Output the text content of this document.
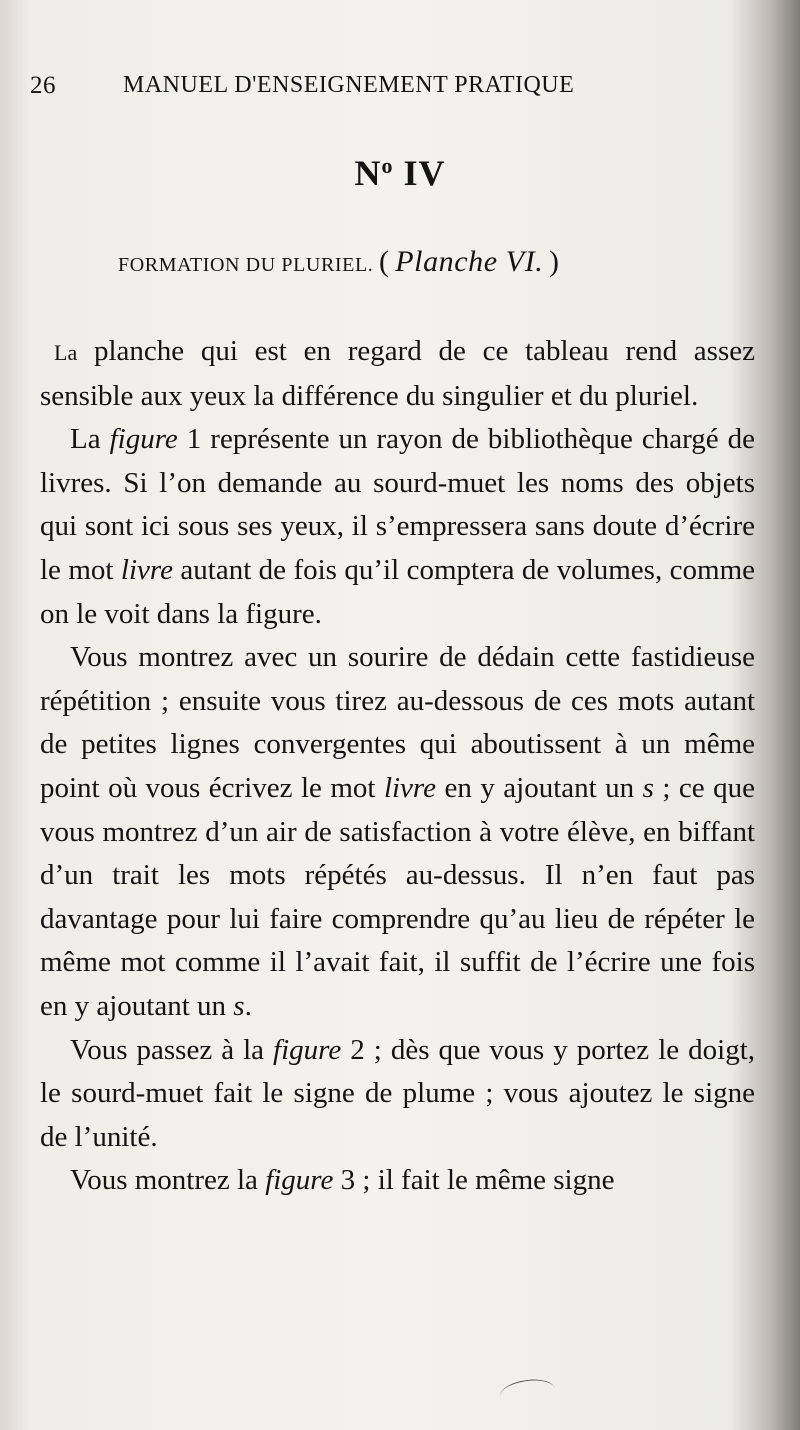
26	MANUEL D'ENSEIGNEMENT PRATIQUE
$N^o$ IV
FORMATION DU PLURIEL. ( Planche VI. )

La planche qui est en regard de ce tableau rend assez sensible aux yeux la différence du singulier et du pluriel.

La figure 1 représente un rayon de bibliothèque chargé de livres. Si l’on demande au sourd-muet les noms des objets qui sont ici sous ses yeux, il s’empressera sans doute d’écrire le mot livre autant de fois qu’il comptera de volumes, comme on le voit dans la figure.

Vous montrez avec un sourire de dédain cette fastidieuse répétition ; ensuite vous tirez au-dessous de ces mots autant de petites lignes convergentes qui aboutissent à un même point où vous écrivez le mot livre en y ajoutant un s ; ce que vous montrez d’un air de satisfaction à votre élève, en biffant d’un trait les mots répétés au-dessus. Il n’en faut pas davantage pour lui faire comprendre qu’au lieu de répéter le même mot comme il l’avait fait, il suffit de l’écrire une fois en y ajoutant un s.

Vous passez à la figure 2 ; dès que vous y portez le doigt, le sourd-muet fait le signe de plume ; vous ajoutez le signe de l’unité.

Vous montrez la figure 3 ; il fait le même signe
